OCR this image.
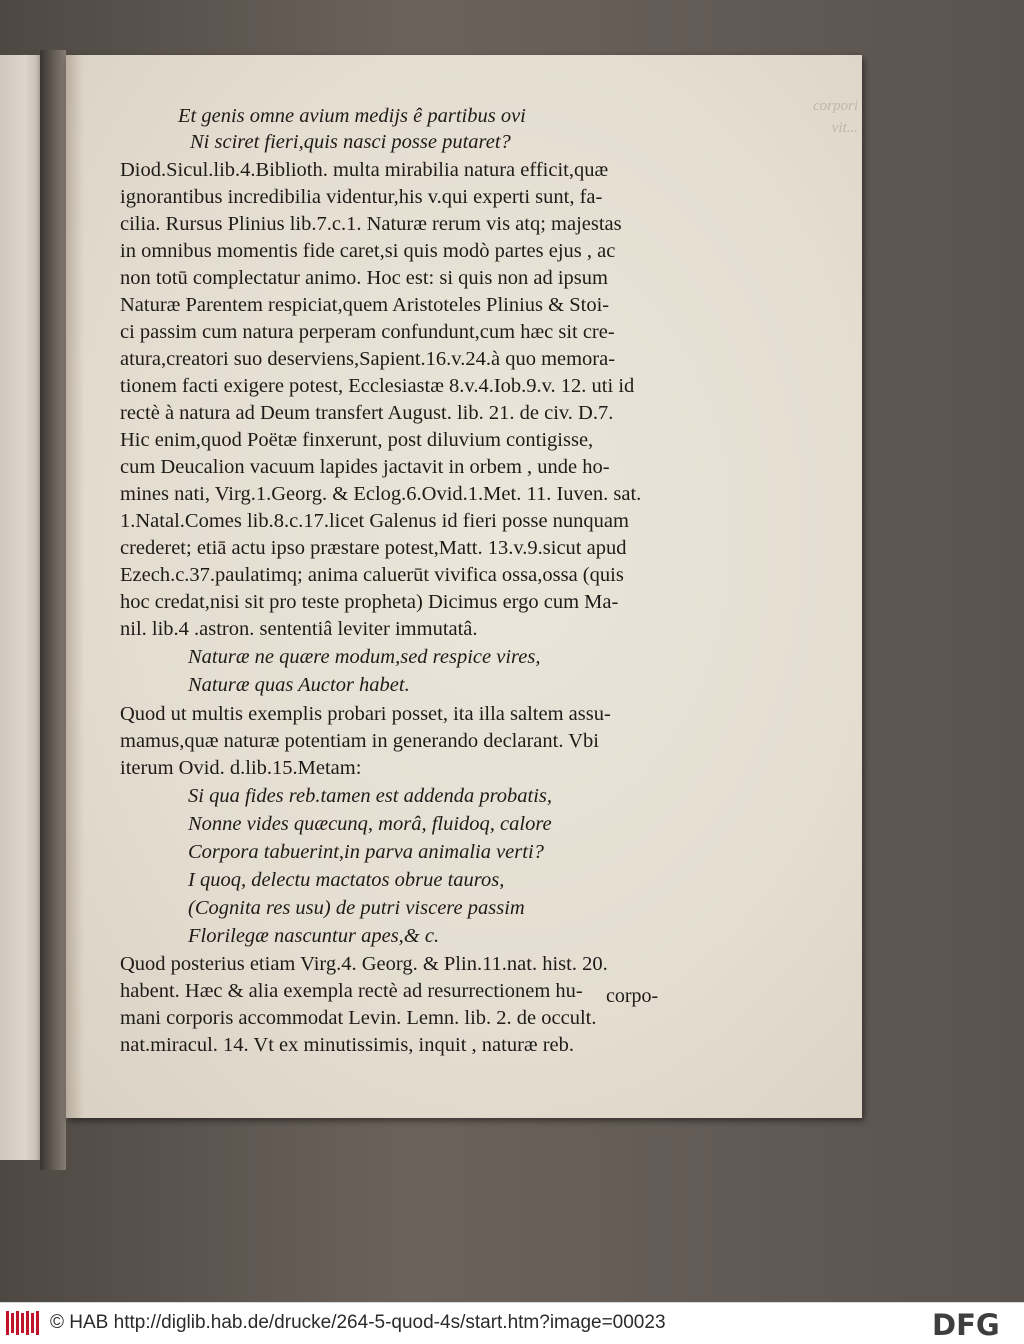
corpori vit...
Et genis omne avium medijs ê partibus ovi
Ni sciret fieri,quis nasci posse putaret?
Diod.Sicul.lib.4.Biblioth. multa mirabilia natura efficit,quæ
ignorantibus incredibilia videntur,his v.qui experti sunt, fa-
cilia. Rursus Plinius lib.7.c.1. Naturæ rerum vis atq; majestas
in omnibus momentis fide caret,si quis modò partes ejus , ac
non totū complectatur animo. Hoc est: si quis non ad ipsum
Naturæ Parentem respiciat,quem Aristoteles Plinius & Stoi-
ci passim cum natura perperam confundunt,cum hæc sit cre-
atura,creatori suo deserviens,Sapient.16.v.24.à quo memora-
tionem facti exigere potest, Ecclesiastæ 8.v.4.Iob.9.v. 12. uti id
rectè à natura ad Deum transfert August. lib. 21. de civ. D.7.
Hic enim,quod Poëtæ finxerunt, post diluvium contigisse,
cum Deucalion vacuum lapides jactavit in orbem , unde ho-
mines nati, Virg.1.Georg. & Eclog.6.Ovid.1.Met. 11. Iuven. sat.
1.Natal.Comes lib.8.c.17.licet Galenus id fieri posse nunquam
crederet; etiā actu ipso præstare potest,Matt. 13.v.9.sicut apud
Ezech.c.37.paulatimq; anima caluerūt vivifica ossa,ossa (quis
hoc credat,nisi sit pro teste propheta) Dicimus ergo cum Ma-
nil. lib.4 .astron. sententiâ leviter immutatâ.
Naturæ ne quære modum,sed respice vires,
Naturæ quas Auctor habet.
Quod ut multis exemplis probari posset, ita illa saltem assu-
mamus,quæ naturæ potentiam in generando declarant. Vbi
iterum Ovid. d.lib.15.Metam:
Si qua fides reb.tamen est addenda probatis,
Nonne vides quæcunq, morâ, fluidoq, calore
Corpora tabuerint,in parva animalia verti?
I quoq, delectu mactatos obrue tauros,
(Cognita res usu) de putri viscere passim
Florilegæ nascuntur apes,& c.
Quod posterius etiam Virg.4. Georg. & Plin.11.nat. hist. 20.
habent. Hæc & alia exempla rectè ad resurrectionem hu-
mani corporis accommodat Levin. Lemn. lib. 2. de occult.
nat.miracul. 14. Vt ex minutissimis, inquit , naturæ reb.
corpo-
© HAB http://diglib.hab.de/drucke/264-5-quod-4s/start.htm?image=00023	DFG
